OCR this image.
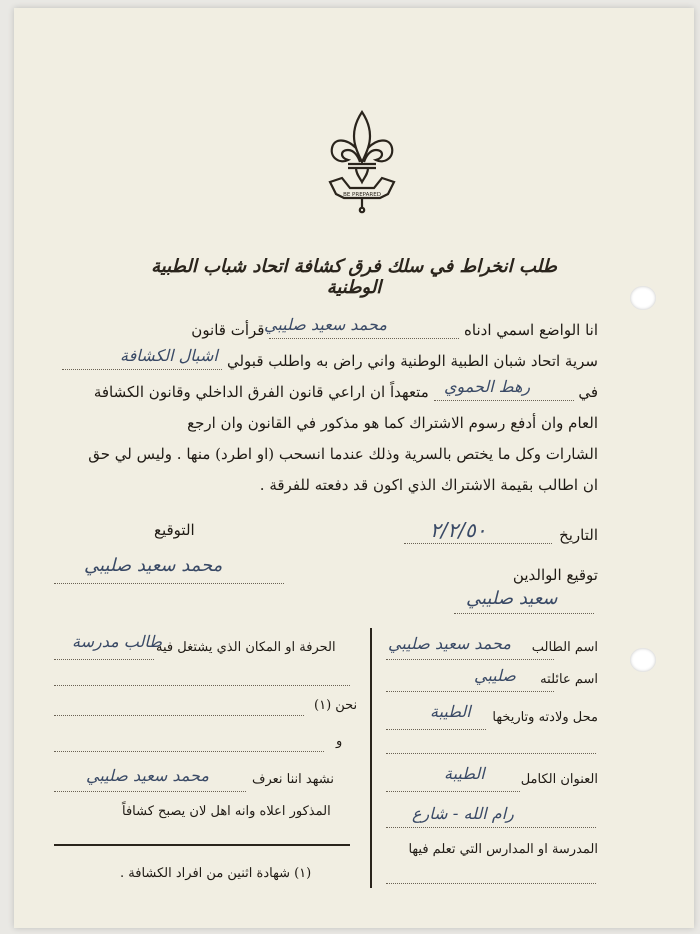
BE PREPARED
طلب انخراط في سلك فرق كشافة اتحاد شباب الطبية الوطنية
انا الواضع اسمي ادناه  قرأت قانون محمد سعيد صليبي
سرية اتحاد شبان الطبية الوطنية واني راض به واطلب قبولي
اشبال الكشافة
في  متعهداً ان اراعي قانون الفرق الداخلي وقانون الكشافة رهط الحموي
العام وان أدفع رسوم الاشتراك كما هو مذكور في القانون وان ارجع
الشارات وكل ما يختص بالسرية وذلك عندما انسحب (او اطرد) منها . وليس لي حق
ان اطالب بقيمة الاشتراك الذي اكون قد دفعته للفرقة .
التاريخ
٢/٢/٥٠
التوقيع
محمد سعيد صليبي	توقيع الوالدين
سعيد صليبي
اسم الطالب
محمد سعيد صليبي
اسم عائلته
صليبي
محل ولادته وتاريخها
الطيبة
العنوان الكامل
الطيبة
رام الله - شارع
المدرسة او المدارس التي تعلم فيها
الحرفة او المكان الذي يشتغل فيه
طالب مدرسة
نحن (١)
و
نشهد اننا نعرف
محمد سعيد صليبي
المذكور اعلاه وانه اهل لان يصبح كشافاً
(١) شهادة اثنين من افراد الكشافة .
